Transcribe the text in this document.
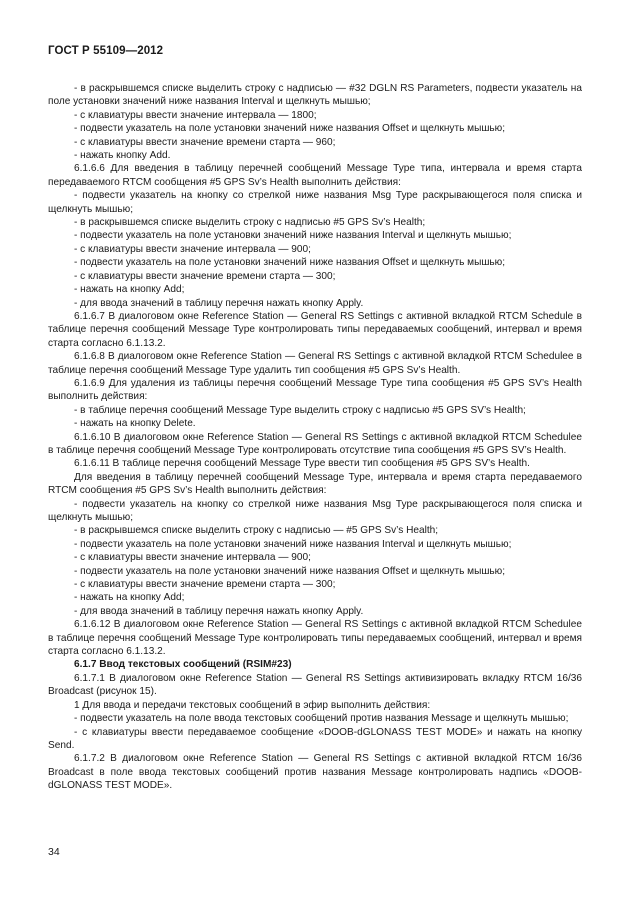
ГОСТ Р 55109—2012

- в раскрывшемся списке выделить строку с надписью — #32 DGLN RS Parameters, подвести указатель на поле установки значений ниже названия Interval и щелкнуть мышью;

- с клавиатуры ввести значение интервала — 1800;

- подвести указатель на поле установки значений ниже названия Offset и щелкнуть мышью;

- с клавиатуры ввести значение времени старта — 960;

- нажать кнопку Add.

6.1.6.6 Для введения в таблицу перечней сообщений Message Type типа, интервала и время старта передаваемого RTCM сообщения #5 GPS Sv’s Health выполнить действия:

- подвести указатель на кнопку со стрелкой ниже названия Msg Type раскрывающегося поля списка и щелкнуть мышью;

- в раскрывшемся списке выделить строку с надписью #5 GPS Sv’s Health;

- подвести указатель на поле установки значений ниже названия Interval и щелкнуть мышью;

- с клавиатуры ввести значение интервала — 900;

- подвести указатель на поле установки значений ниже названия Offset и щелкнуть мышью;

- с клавиатуры ввести значение времени старта — 300;

- нажать на кнопку Add;

- для ввода значений в таблицу перечня нажать кнопку Apply.

6.1.6.7 В диалоговом окне Reference Station — General RS Settings с активной вкладкой RTCM Schedule в таблице перечня сообщений Message Type контролировать типы передаваемых сообщений, интервал и время старта согласно 6.1.13.2.

6.1.6.8 В диалоговом окне Reference Station — General RS Settings с активной вкладкой RTCM Schedulee в таблице перечня сообщений Message Type удалить тип сообщения #5 GPS Sv’s Health.

6.1.6.9 Для удаления из таблицы перечня сообщений Message Type типа сообщения #5 GPS SV’s Health выполнить действия:

- в таблице перечня сообщений Message Type выделить строку с надписью #5 GPS SV’s Health;

- нажать на кнопку Delete.

6.1.6.10 В диалоговом окне Reference Station — General RS Settings с активной вкладкой RTCM Schedulee в таблице перечня сообщений Message Type контролировать отсутствие типа сообщения #5 GPS SV’s Health.

6.1.6.11 В таблице перечня сообщений Message Type ввести тип сообщения #5 GPS SV’s Health.

Для введения в таблицу перечней сообщений Message Type, интервала и время старта передаваемого RTCM сообщения #5 GPS Sv’s Health выполнить действия:

- подвести указатель на кнопку со стрелкой ниже названия Msg Type раскрывающегося поля списка и щелкнуть мышью;

- в раскрывшемся списке выделить строку с надписью — #5 GPS Sv’s Health;

- подвести указатель на поле установки значений ниже названия Interval и щелкнуть мышью;

- с клавиатуры ввести значение интервала — 900;

- подвести указатель на поле установки значений ниже названия Offset и щелкнуть мышью;

- с клавиатуры ввести значение времени старта — 300;

- нажать на кнопку Add;

- для ввода значений в таблицу перечня нажать кнопку Apply.

6.1.6.12 В диалоговом окне Reference Station — General RS Settings с активной вкладкой RTCM Schedulee в таблице перечня сообщений Message Type контролировать типы передаваемых сообщений, интервал и время старта согласно 6.1.13.2.

6.1.7 Ввод текстовых сообщений (RSIM#23)

6.1.7.1 В диалоговом окне Reference Station — General RS Settings активизировать вкладку RTCM 16/36 Broadcast (рисунок 15).

1 Для ввода и передачи текстовых сообщений в эфир выполнить действия:

- подвести указатель на поле ввода текстовых сообщений против названия Message и щелкнуть мышью;

- с клавиатуры ввести передаваемое сообщение «DOOB-dGLONASS TEST MODE» и нажать на кнопку Send.

6.1.7.2 В диалоговом окне Reference Station — General RS Settings с активной вкладкой RTCM 16/36 Broadcast в поле ввода текстовых сообщений против названия Message контролировать надпись «DOOB-dGLONASS TEST MODE».

34
